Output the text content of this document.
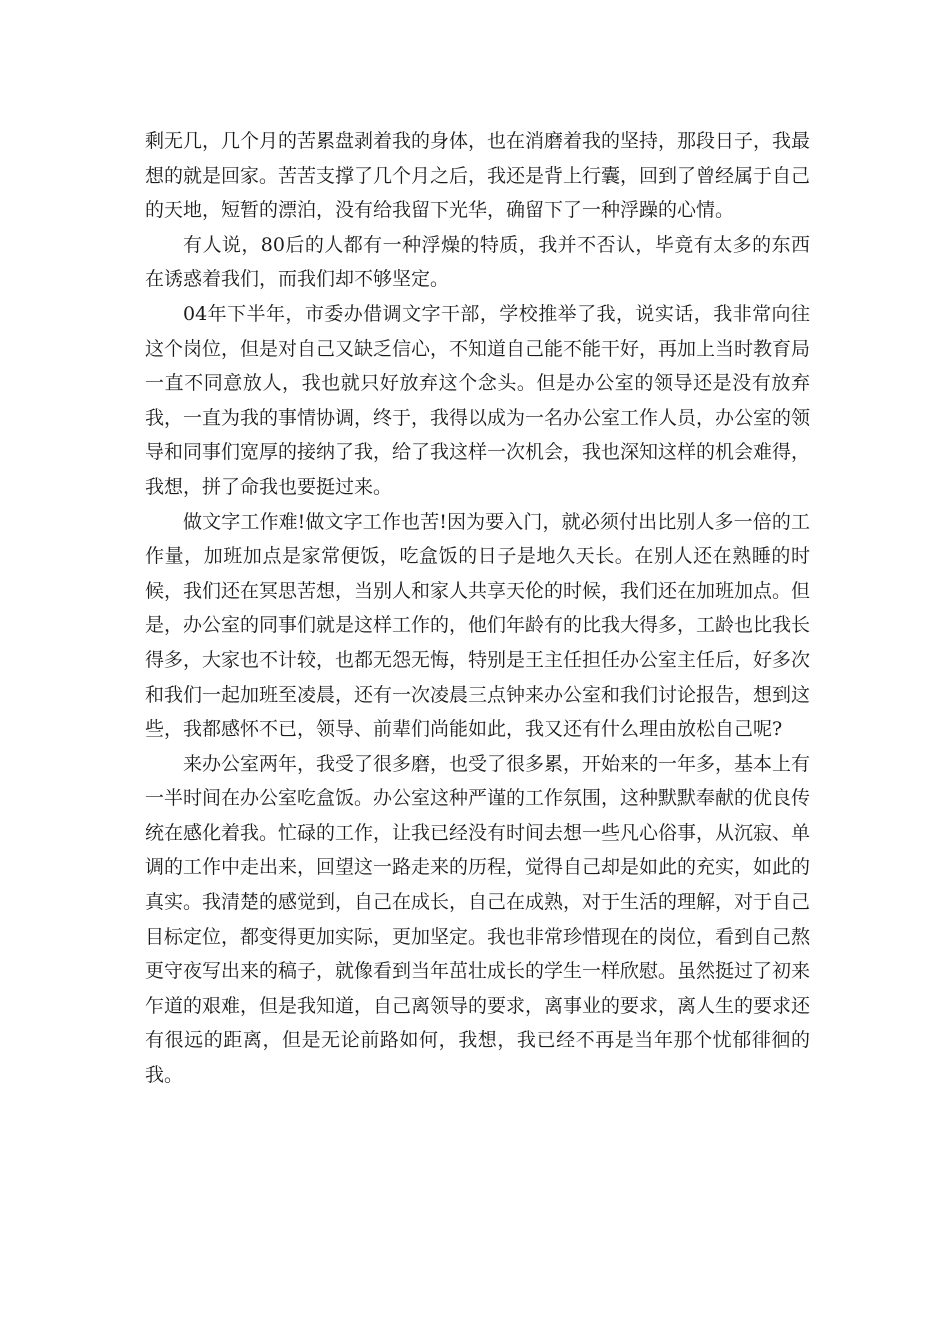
剩无几，几个月的苦累盘剥着我的身体，也在消磨着我的坚持，那段日子，我最想的就是回家。苦苦支撑了几个月之后，我还是背上行囊，回到了曾经属于自己的天地，短暂的漂泊，没有给我留下光华，确留下了一种浮躁的心情。

有人说，80后的人都有一种浮燥的特质，我并不否认，毕竟有太多的东西在诱惑着我们，而我们却不够坚定。

04年下半年，市委办借调文字干部，学校推举了我，说实话，我非常向往这个岗位，但是对自己又缺乏信心，不知道自己能不能干好，再加上当时教育局一直不同意放人，我也就只好放弃这个念头。但是办公室的领导还是没有放弃我，一直为我的事情协调，终于，我得以成为一名办公室工作人员，办公室的领导和同事们宽厚的接纳了我，给了我这样一次机会，我也深知这样的机会难得，我想，拼了命我也要挺过来。

做文字工作难!做文字工作也苦!因为要入门，就必须付出比别人多一倍的工作量，加班加点是家常便饭，吃盒饭的日子是地久天长。在别人还在熟睡的时候，我们还在冥思苦想，当别人和家人共享天伦的时候，我们还在加班加点。但是，办公室的同事们就是这样工作的，他们年龄有的比我大得多，工龄也比我长得多，大家也不计较，也都无怨无悔，特别是王主任担任办公室主任后，好多次和我们一起加班至凌晨，还有一次凌晨三点钟来办公室和我们讨论报告，想到这些，我都感怀不已，领导、前辈们尚能如此，我又还有什么理由放松自己呢?

来办公室两年，我受了很多磨，也受了很多累，开始来的一年多，基本上有一半时间在办公室吃盒饭。办公室这种严谨的工作氛围，这种默默奉献的优良传统在感化着我。忙碌的工作，让我已经没有时间去想一些凡心俗事，从沉寂、单调的工作中走出来，回望这一路走来的历程，觉得自己却是如此的充实，如此的真实。我清楚的感觉到，自己在成长，自己在成熟，对于生活的理解，对于自己目标定位，都变得更加实际，更加坚定。我也非常珍惜现在的岗位，看到自己熬更守夜写出来的稿子，就像看到当年茁壮成长的学生一样欣慰。虽然挺过了初来乍道的艰难，但是我知道，自己离领导的要求，离事业的要求，离人生的要求还有很远的距离，但是无论前路如何，我想，我已经不再是当年那个忧郁徘徊的我。
